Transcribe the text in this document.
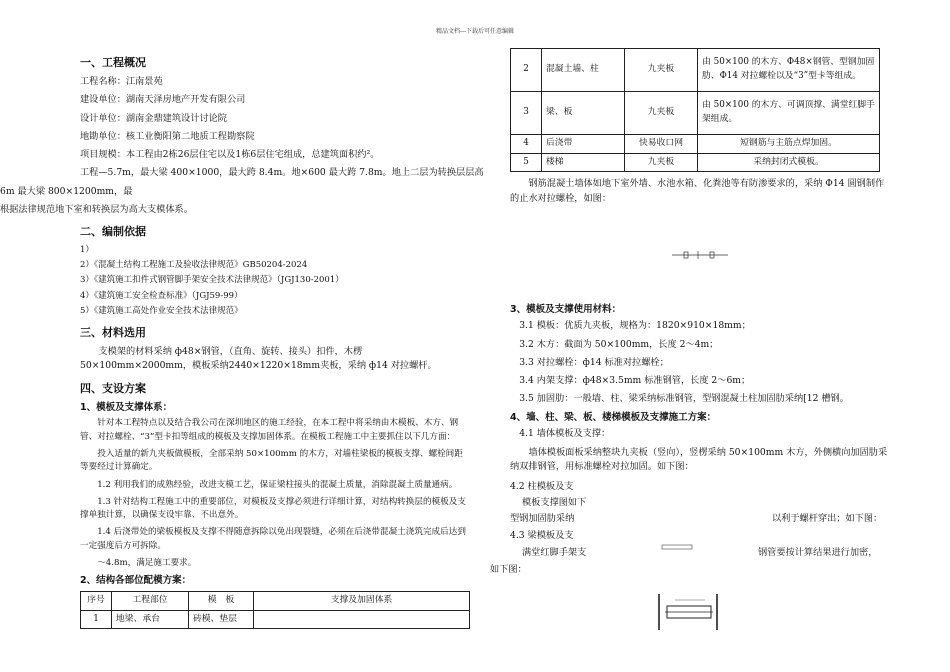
精品文档---下载后可任意编辑
一、工程概况

工程名称：江南景苑

建设单位：湖南天泽房地产开发有限公司

设计单位：湖南金鼎建筑设计讨论院

地勘单位：核工业衡阳第二地质工程勘察院

项目规模：本工程由2栋26层住宅以及1栋6层住宅组成，总建筑面积约²。

工程—5.7m，最大梁 400×1000，最大跨 8.4m。地×600 最大跨 7.8m。地上二层为转换层层高

6m 最大梁 800×1200mm，最

根据法律规范地下室和转换层为高大支模体系。

二、编制依据

1）

2）《混凝土结构工程施工及验收法律规范》GB50204-2024

3）《建筑施工扣件式钢管脚手架安全技术法律规范》（JGJ130-2001）

4）《建筑施工安全检查标准》（JGJ59-99）

5）《建筑施工高处作业安全技术法律规范》

三、材料选用

支模架的材料采纳 ф48×钢管，（直角、旋转、接头）扣件，木楞 50×100mm×2000mm，模板采纳2440×1220×18mm夹板，采纳 ф14 对拉螺杆。

四、支设方案
1、模板及支撑体系：

针对本工程特点以及结合我公司在深圳地区的施工经验，在本工程中将采纳由木模板、木方、钢管、对拉螺栓、“3”型卡扣等组成的模板及支撑加固体系。在模板工程施工中主要抓住以下几方面：

投入适量的新九夹板做模板，全部采纳 50×100mm 的木方，对墙柱梁板的模板支撑、螺栓间距等要经过计算确定。

1.2 利用我们的成熟经验，改进支模工艺，保证梁柱接头的混凝土质量，消除混凝土质量通病。

1.3 针对结构工程施工中的重要部位，对模板及支撑必须进行详细计算，对结构转换层的模板及支撑单独计算，以确保支设牢靠、不出意外。

1.4 后浇带处的梁板模板及支撑不得随意拆除以免出现裂缝，必须在后浇带混凝土浇筑完成后达到一定强度后方可拆除。

～4.8m，满足施工要求。

2、结构各部位配模方案：
序号	工程部位	模　板	支撑及加固体系
1	地梁、承台	砖模、垫层	
2	混凝土墙、柱	九夹板	由 50×100 的木方、Φ48×钢管、型钢加固肋、Φ14 对拉螺栓以及“3”型卡等组成。
3	梁、板	九夹板	由 50×100 的木方、可调顶撑、满堂红脚手架组成。
4	后浇带	快易收口网	短钢筋与主筋点焊加固。
5	楼梯	九夹板	采纳封闭式模板。

钢筋混凝土墙体如地下室外墙、水池水箱、化粪池等有防渗要求的，采纳 Φ14 圆钢制作的止水对拉螺栓，如图：

3、模板及支撑使用材料：

3.1 模板：优质九夹板，规格为：1820×910×18mm；

3.2 木方：截面为 50×100mm，长度 2～4m；

3.3 对拉螺栓：ф14 标准对拉螺栓；

3.4 内架支撑：ф48×3.5mm 标准钢管，长度 2～6m；

3.5 加固肋：一般墙、柱、梁采纳标准钢管，型钢混凝土柱加固肋采纳[12 槽钢。

4、墙、柱、梁、板、楼梯模板及支撑施工方案：

4.1 墙体模板及支撑：

墙体模板面板采纳整块九夹板（竖向），竖楞采纳 50×100mm 木方，外侧横向加固肋采纳双排钢管，用标准螺栓对拉加固。如下图：

4.2 柱模板及支

模板支撑图如下

型钢加固肋采纳	以利于螺杆穿出；如下图：

4.3 梁模板及支

满堂红脚手架支	钢管要按计算结果进行加密，

如下图：
